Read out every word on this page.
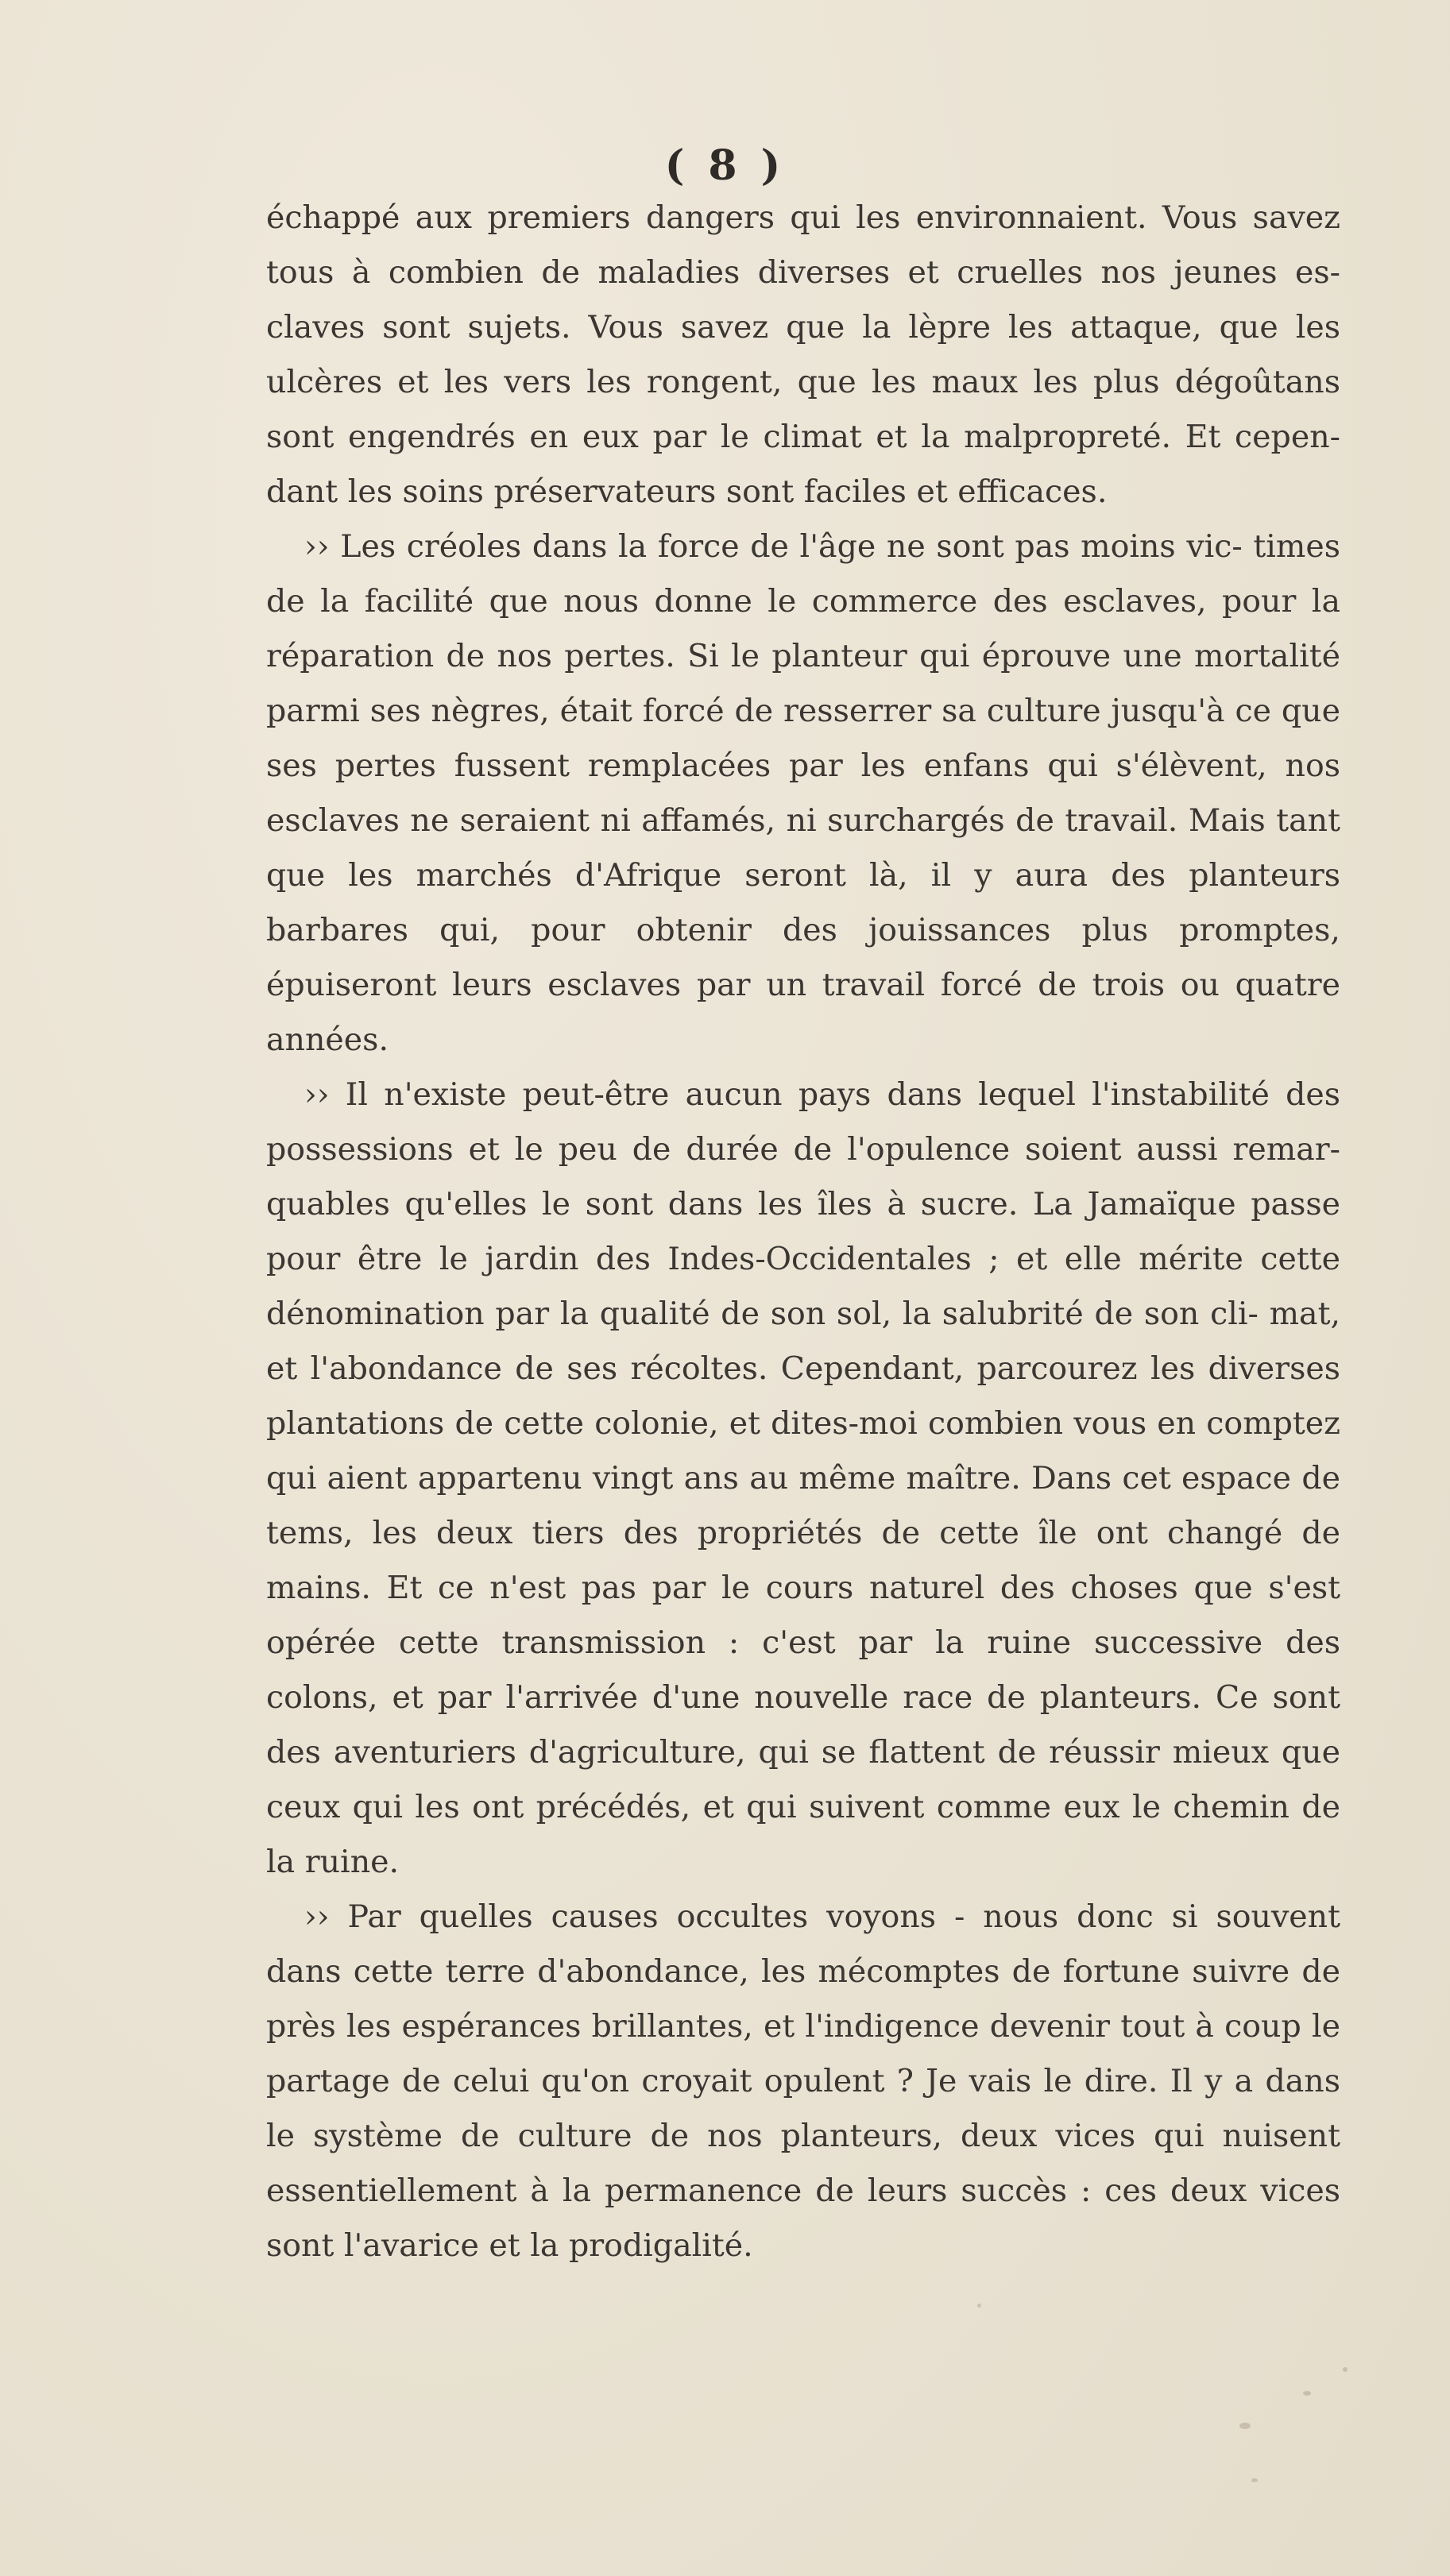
( 8 )

échappé aux premiers dangers qui les environnaient. Vous savez tous à combien de maladies diverses et cruelles nos jeunes es- claves sont sujets. Vous savez que la lèpre les attaque, que les ulcères et les vers les rongent, que les maux les plus dégoûtans sont engendrés en eux par le climat et la malpropreté. Et cepen- dant les soins préservateurs sont faciles et efficaces.

›› Les créoles dans la force de l'âge ne sont pas moins vic- times de la facilité que nous donne le commerce des esclaves, pour la réparation de nos pertes. Si le planteur qui éprouve une mortalité parmi ses nègres, était forcé de resserrer sa culture jusqu'à ce que ses pertes fussent remplacées par les enfans qui s'élèvent, nos esclaves ne seraient ni affamés, ni surchargés de travail. Mais tant que les marchés d'Afrique seront là, il y aura des planteurs barbares qui, pour obtenir des jouissances plus promptes, épuiseront leurs esclaves par un travail forcé de trois ou quatre années.

›› Il n'existe peut-être aucun pays dans lequel l'instabilité des possessions et le peu de durée de l'opulence soient aussi remar- quables qu'elles le sont dans les îles à sucre. La Jamaïque passe pour être le jardin des Indes-Occidentales ; et elle mérite cette dénomination par la qualité de son sol, la salubrité de son cli- mat, et l'abondance de ses récoltes. Cependant, parcourez les diverses plantations de cette colonie, et dites-moi combien vous en comptez qui aient appartenu vingt ans au même maître. Dans cet espace de tems, les deux tiers des propriétés de cette île ont changé de mains. Et ce n'est pas par le cours naturel des choses que s'est opérée cette transmission : c'est par la ruine successive des colons, et par l'arrivée d'une nouvelle race de planteurs. Ce sont des aventuriers d'agriculture, qui se flattent de réussir mieux que ceux qui les ont précédés, et qui suivent comme eux le chemin de la ruine.

›› Par quelles causes occultes voyons - nous donc si souvent dans cette terre d'abondance, les mécomptes de fortune suivre de près les espérances brillantes, et l'indigence devenir tout à coup le partage de celui qu'on croyait opulent ? Je vais le dire. Il y a dans le système de culture de nos planteurs, deux vices qui nuisent essentiellement à la permanence de leurs succès : ces deux vices sont l'avarice et la prodigalité.
